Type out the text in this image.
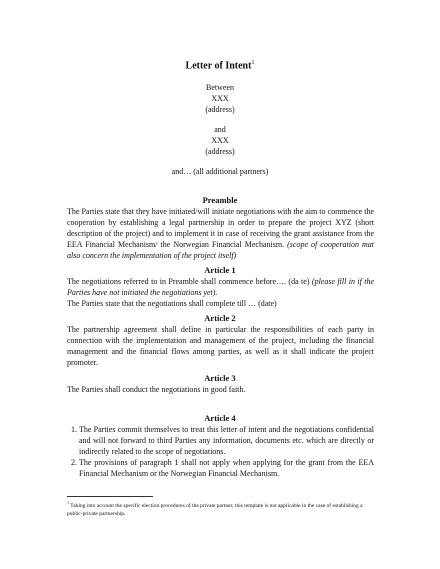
Letter of Intent$^1$
Between
XXX
(address)
and
XXX
(address)
and… (all additional partners)
Preamble
The Parties state that they have initiated/will initiate negotiations with the aim to commence the cooperation by establishing a legal partnership in order to prepare the project XYZ (short description of the project) and to implement it in case of receiving the grant assistance from the EEA Financial Mechanism/ the Norwegian Financial Mechanism. (scope of cooperation mat also concern the implementation of the project itself)
Article 1
The negotiations referred to in Preamble shall commence before…. (da te) (please fill in if the Parties have not initiated the negotiations yet).
The Parties state that the negotiations shall complete till … (date)
Article 2
The partnership agreement shall define in particular the responsibilities of each party in connection with the implementation and management of the project, including the financial management and the financial flows among parties, as well as it shall indicate the project promoter.
Article 3
The Parties shall conduct the negotiations in good faith.
Article 4
1. The Parties commit themselves to treat this letter of intent and the negotiations confidential and will not forward to third Parties any information, documents etc. which are directly or indirectly related to the scope of negotiations.
2. The provisions of paragraph 1 shall not apply when applying for the grant from the EEA Financial Mechanism or the Norwegian Financial Mechanism.
$^1$ Taking into account the specific election procedures of the private partner, this template is not applicable in the case of establishing a public-private partnership.
